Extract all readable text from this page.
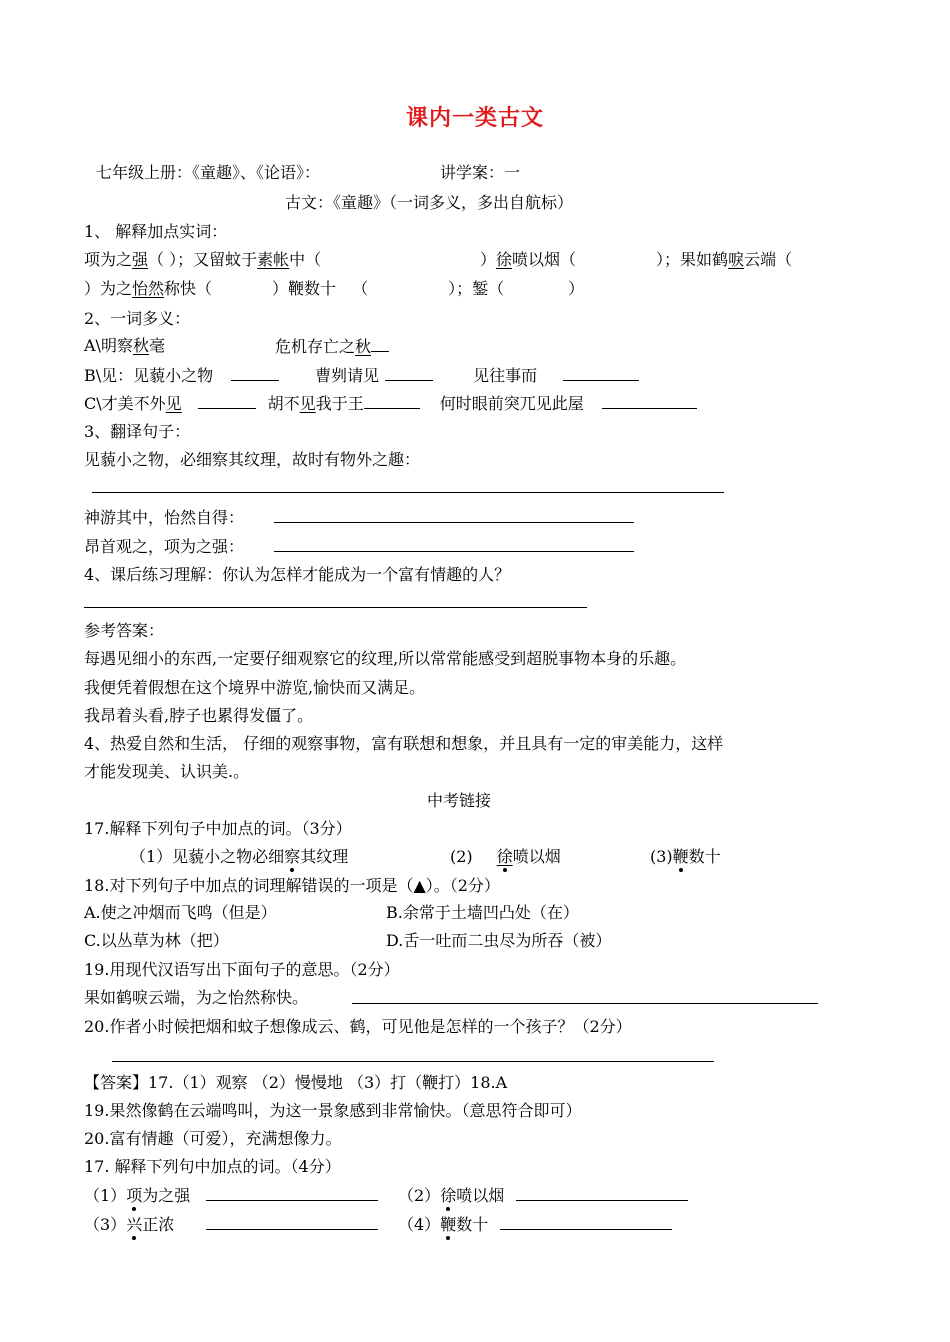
课内一类古文
七年级上册：《童趣》、《论语》：	讲学案：一
古文：《童趣》（一词多义，多出自航标）
1、 解释加点实词：
项为之强（ ）；又留蚊于素帐中（	）徐喷以烟（	）；果如鹤唳云端（
）为之怡然称快（	）鞭数十 （	）；錾（	）
2、一词多义：
A\明察秋毫	危机存亡之秋
B\见：见藐小之物	曹刿请见	见往事而
C\才美不外见	胡不见我于王	何时眼前突兀见此屋
3、翻译句子：
见藐小之物，必细察其纹理，故时有物外之趣：
神游其中，怡然自得：
昂首观之，项为之强：
4、课后练习理解：你认为怎样才能成为一个富有情趣的人？
参考答案：
每遇见细小的东西,一定要仔细观察它的纹理,所以常常能感受到超脱事物本身的乐趣。
我便凭着假想在这个境界中游览,愉快而又满足。
我昂着头看,脖子也累得发僵了。
4、热爱自然和生活， 仔细的观察事物，富有联想和想象，并且具有一定的审美能力，这样
才能发现美、认识美.。
中考链接
17.解释下列句子中加点的词。（3分）
（1）见藐小之物必细察其纹理	(2) 徐喷以烟	(3)鞭数十
18.对下列句子中加点的词理解错误的一项是（▲）。（2分）
A.使之冲烟而飞鸣（但是）	B.余常于土墙凹凸处（在）
C.以丛草为林（把）	D.舌一吐而二虫尽为所吞（被）
19.用现代汉语写出下面句子的意思。（2分）
果如鹤唳云端，为之怡然称快。
20.作者小时候把烟和蚊子想像成云、鹤，可见他是怎样的一个孩子？（2分）
【答案】17.（1）观察 （2）慢慢地 （3）打（鞭打）18.A
19.果然像鹤在云端鸣叫，为这一景象感到非常愉快。（意思符合即可）
20.富有情趣（可爱），充满想像力。
17. 解释下列句中加点的词。（4分）
（1）项为之强	（2）徐喷以烟
（3）兴正浓	（4）鞭数十
